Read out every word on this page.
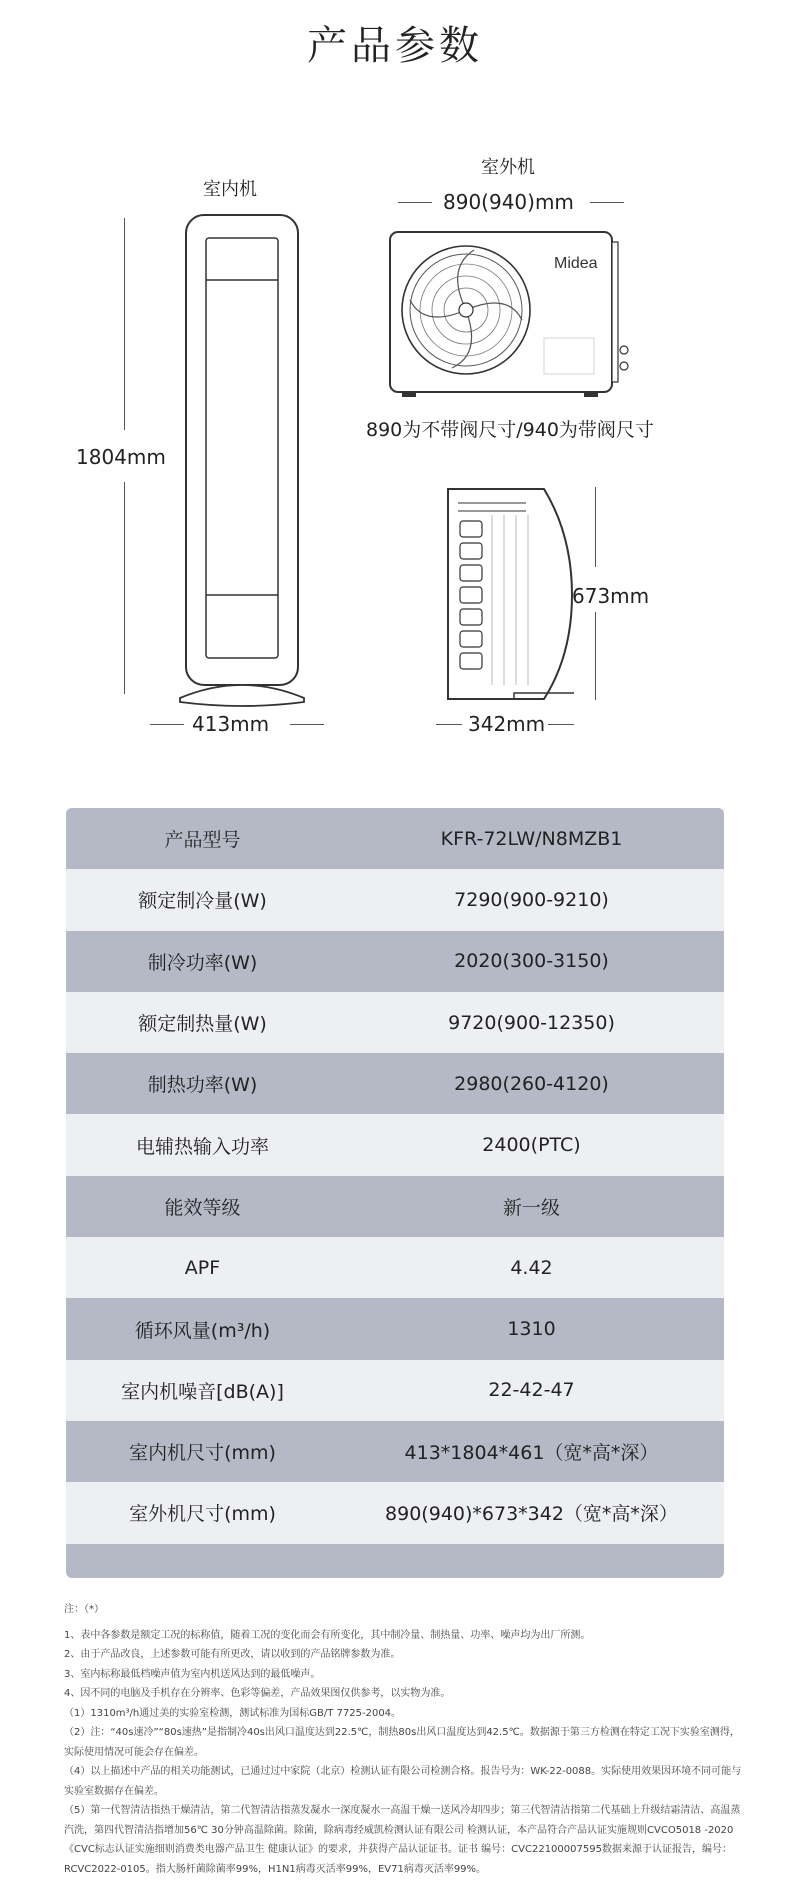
产品参数
室内机
1804mm
413mm
室外机
890(940)mm
Midea
890为不带阀尺寸/940为带阀尺寸
673mm
342mm
产品型号	KFR-72LW/N8MZB1
额定制冷量(W)	7290(900-9210)
制冷功率(W)	2020(300-3150)
额定制热量(W)	9720(900-12350)
制热功率(W)	2980(260-4120)
电辅热输入功率	2400(PTC)
能效等级	新一级
APF	4.42
循环风量(m³/h)	1310
室内机噪音[dB(A)]	22-42-47
室内机尺寸(mm)	413*1804*461（宽*高*深）
室外机尺寸(mm)	890(940)*673*342（宽*高*深）
注：（*）
1、表中各参数是额定工况的标称值，随着工况的变化而会有所变化，其中制冷量、制热量、功率、噪声均为出厂所测。
2、由于产品改良，上述参数可能有所更改，请以收到的产品铭牌参数为准。
3、室内标称最低档噪声值为室内机送风达到的最低噪声。
4、因不同的电脑及手机存在分辨率、色彩等偏差，产品效果图仅供参考，以实物为准。
（1）1310m³/h通过美的实验室检测，测试标准为国标GB/T 7725-2004。
（2）注：“40s速冷”“80s速热”是指制冷40s出风口温度达到22.5℃，制热80s出风口温度达到42.5℃。数据源于第三方检测在特定工况下实验室测得，实际使用情况可能会存在偏差。
（4）以上描述中产品的相关功能测试，已通过过中家院（北京）检测认证有限公司检测合格。报告号为：WK-22-0088。实际使用效果因环境不同可能与实验室数据存在偏差。
（5）第一代智清洁指热干燥清洁，第二代智清洁指蒸发凝水一深度凝水一高温干燥一送风冷却四步；第三代智清洁指第二代基础上升级结霜清洁、高温蒸汽洗，第四代智清洁指增加56℃ 30分钟高温除菌。除菌，除病毒经威凯检测认证有限公司 检测认证，本产品符合产品认证实施规则CVCO5018 -2020《CVC标志认证实施细则消费类电器产品卫生 健康认证》的要求，并获得产品认证证书。证书 编号：CVC22100007595数据来源于认证报告，编号：RCVC2022-0105。指大肠杆菌除菌率99%，H1N1病毒灭活率99%，EV71病毒灭活率99%。
